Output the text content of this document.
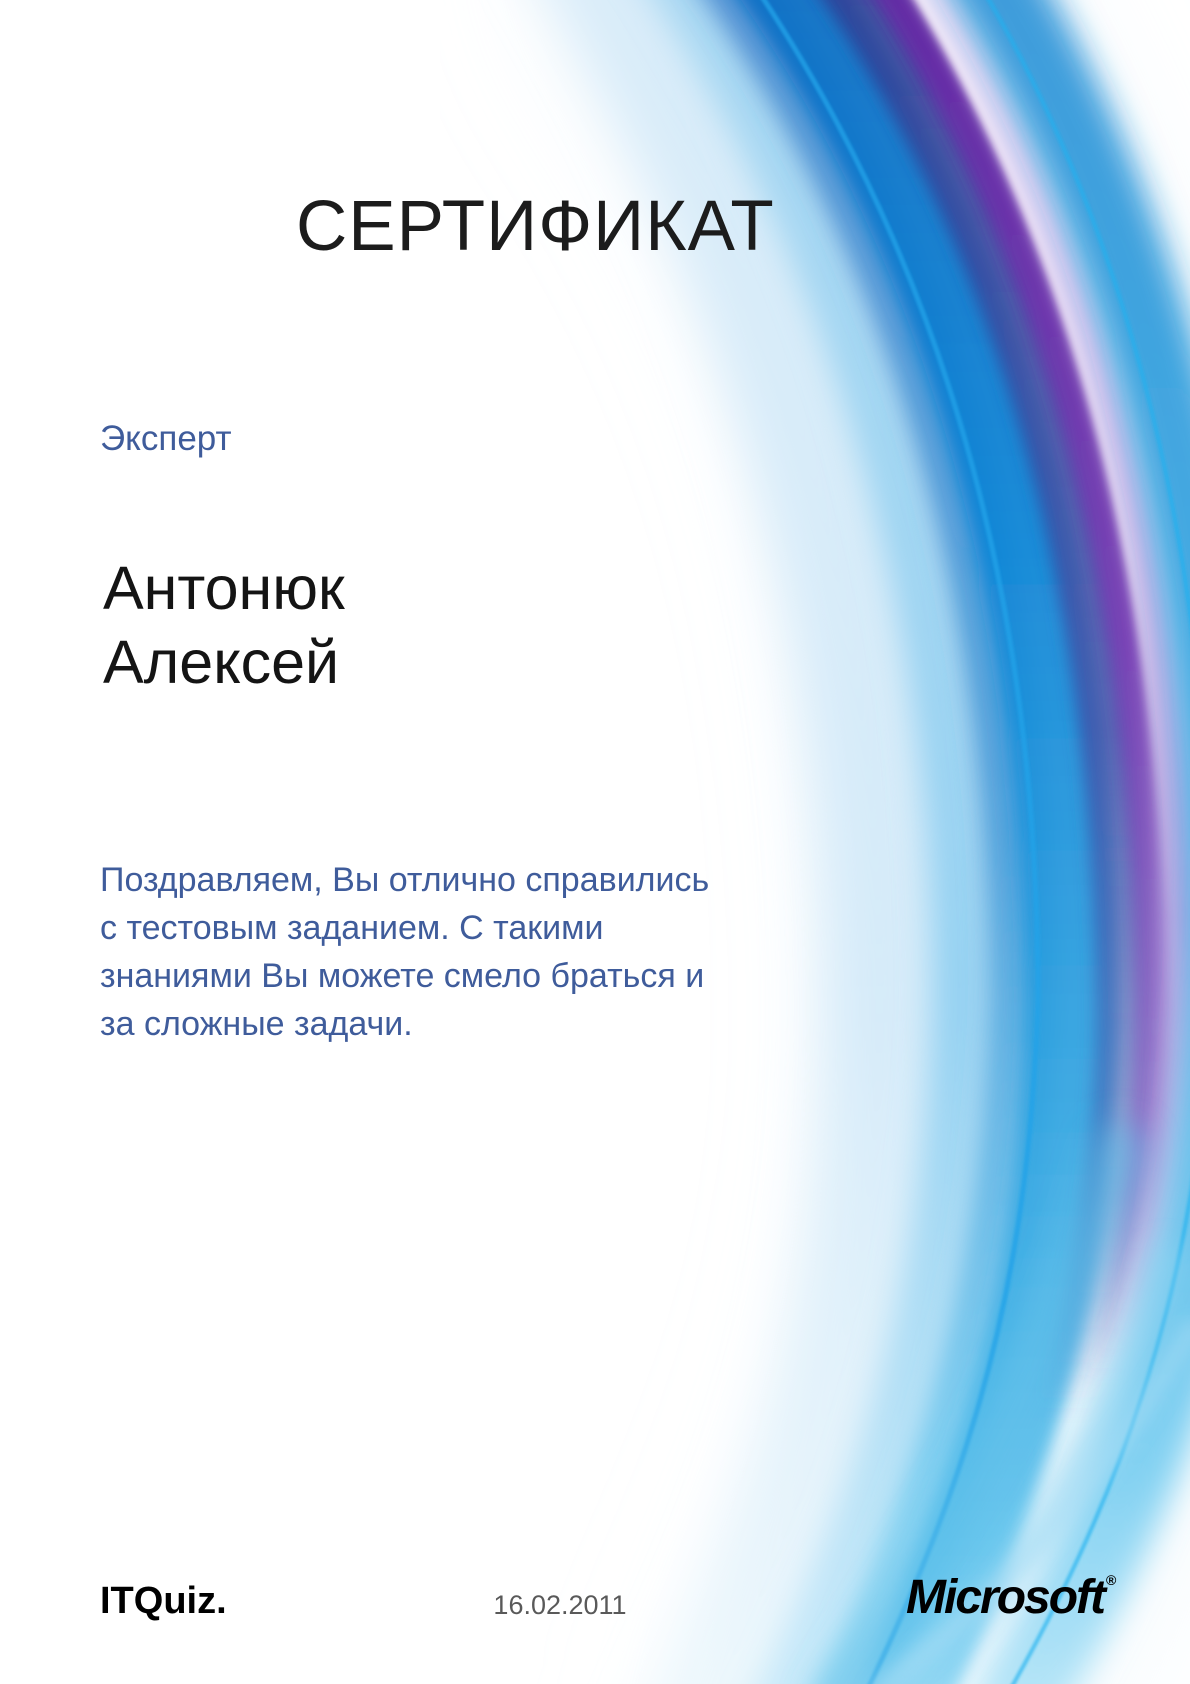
СЕРТИФИКАТ
Эксперт
Антонюк
Алексей
Поздравляем, Вы отлично справились
с тестовым заданием. С такими
знаниями Вы можете смело браться и
за сложные задачи.
ITQuiz.	16.02.2011	Microsoft ®
